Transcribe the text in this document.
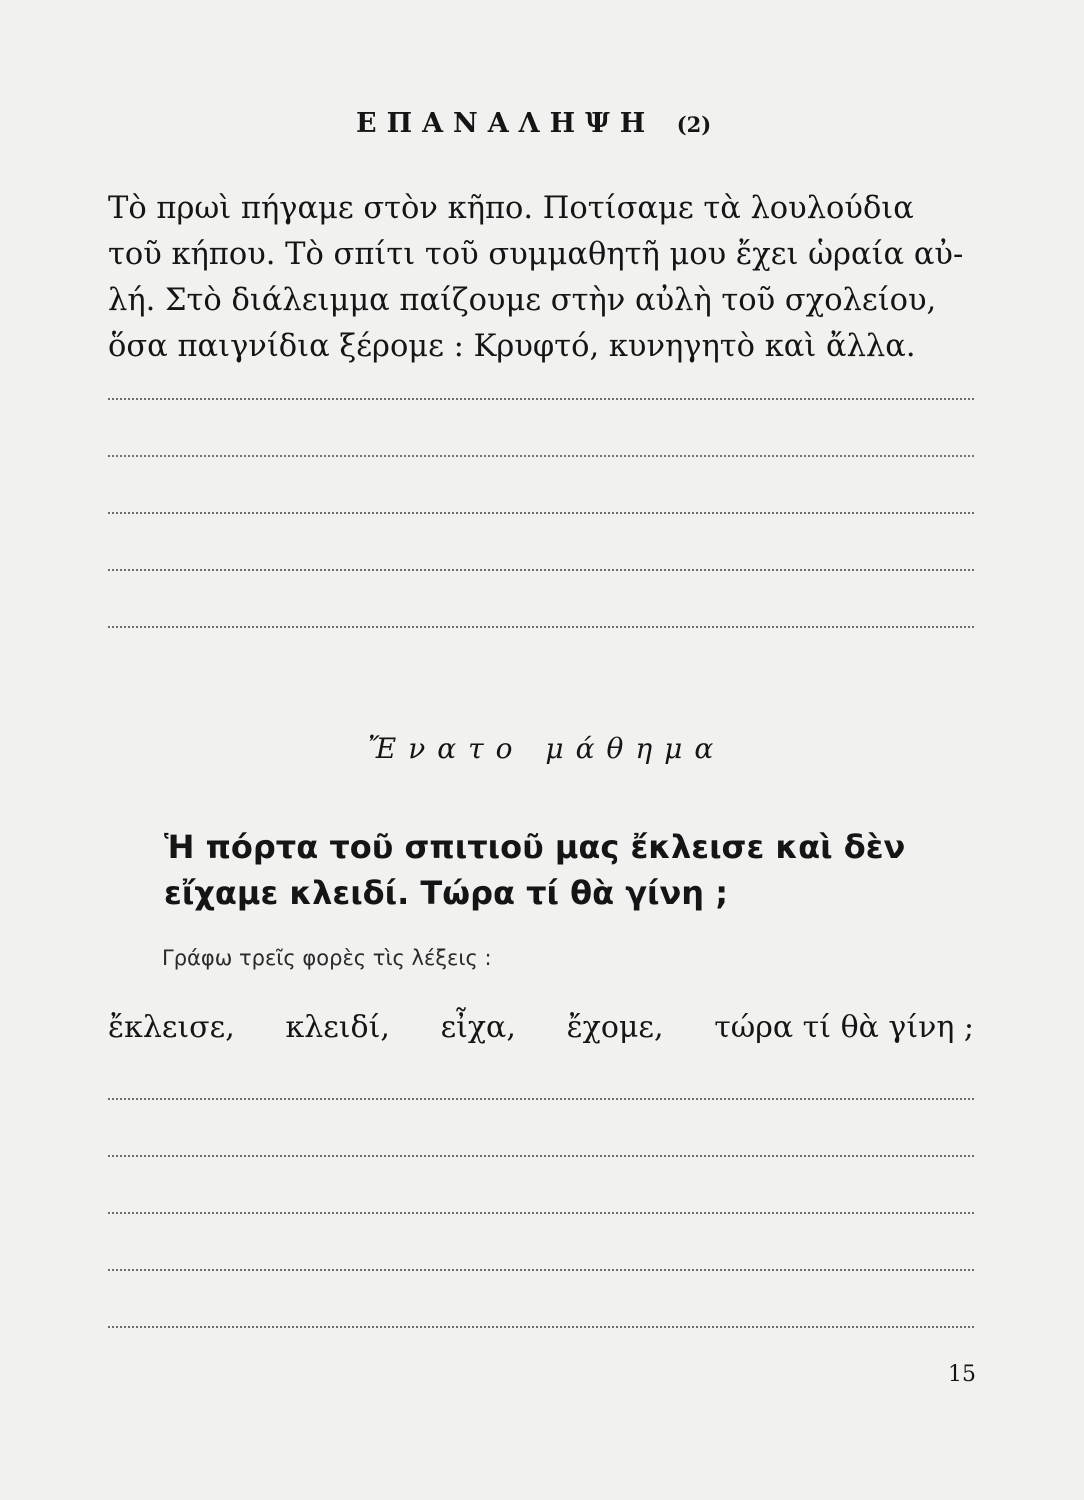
ΕΠΑΝΑΛΗΨΗ (2)
Τὸ πρωὶ πήγαμε στὸν κῆπο. Ποτίσαμε τὰ λουλούδια
τοῦ κήπου. Τὸ σπίτι τοῦ συμμαθητῆ μου ἔχει ὡραία αὐ-
λή. Στὸ διάλειμμα παίζουμε στὴν αὐλὴ τοῦ σχολείου,
ὅσα παιγνίδια ξέρομε : Κρυφτό, κυνηγητὸ καὶ ἄλλα.
Ἔνατο μάθημα
Ἡ πόρτα τοῦ σπιτιοῦ μας ἔκλεισε καὶ δὲν
εἴχαμε κλειδί. Τώρα τί θὰ γίνη ;
Γράφω τρεῖς φορὲς τὶς λέξεις :
ἔκλεισε, κλειδί, εἶχα, ἔχομε, τώρα τί θὰ γίνη ;
15
